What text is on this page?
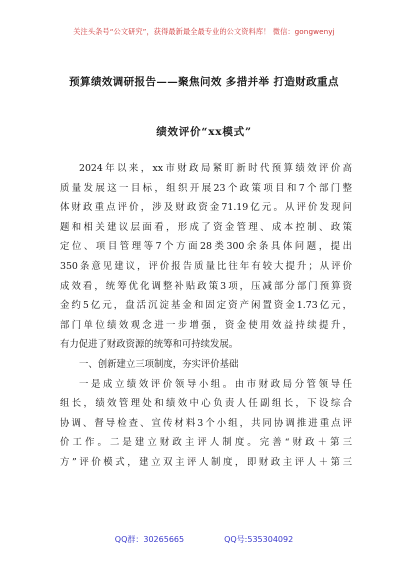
关注头条号“公文研究”，获得最新最全最专业的公文资料库！ 微信：gongwenyj
预算绩效调研报告——聚焦问效 多措并举 打造财政重点
绩效评价“xx模式”
2024年以来，xx市财政局紧盯新时代预算绩效评价高
质量发展这一目标，组织开展23个政策项目和7个部门整
体财政重点评价，涉及财政资金71.19亿元。从评价发现问
题和相关建议层面看，形成了资金管理、成本控制、政策
定位、项目管理等7个方面28类300余条具体问题，提出
350条意见建议，评价报告质量比往年有较大提升；从评价
成效看，统筹优化调整补贴政策3项，压减部分部门预算资
金约5亿元，盘活沉淀基金和固定资产闲置资金1.73亿元，
部门单位绩效观念进一步增强，资金使用效益持续提升，
有力促进了财政资源的统筹和可持续发展。
一、创新建立三项制度，夯实评价基础
一是成立绩效评价领导小组。由市财政局分管领导任
组长，绩效管理处和绩效中心负责人任副组长，下设综合
协调、督导检查、宣传材料3个小组，共同协调推进重点评
价工作。二是建立财政主评人制度。完善“财政＋第三
方”评价模式，建立双主评人制度，即财政主评人＋第三
QQ群：30265665	QQ号:535304092
